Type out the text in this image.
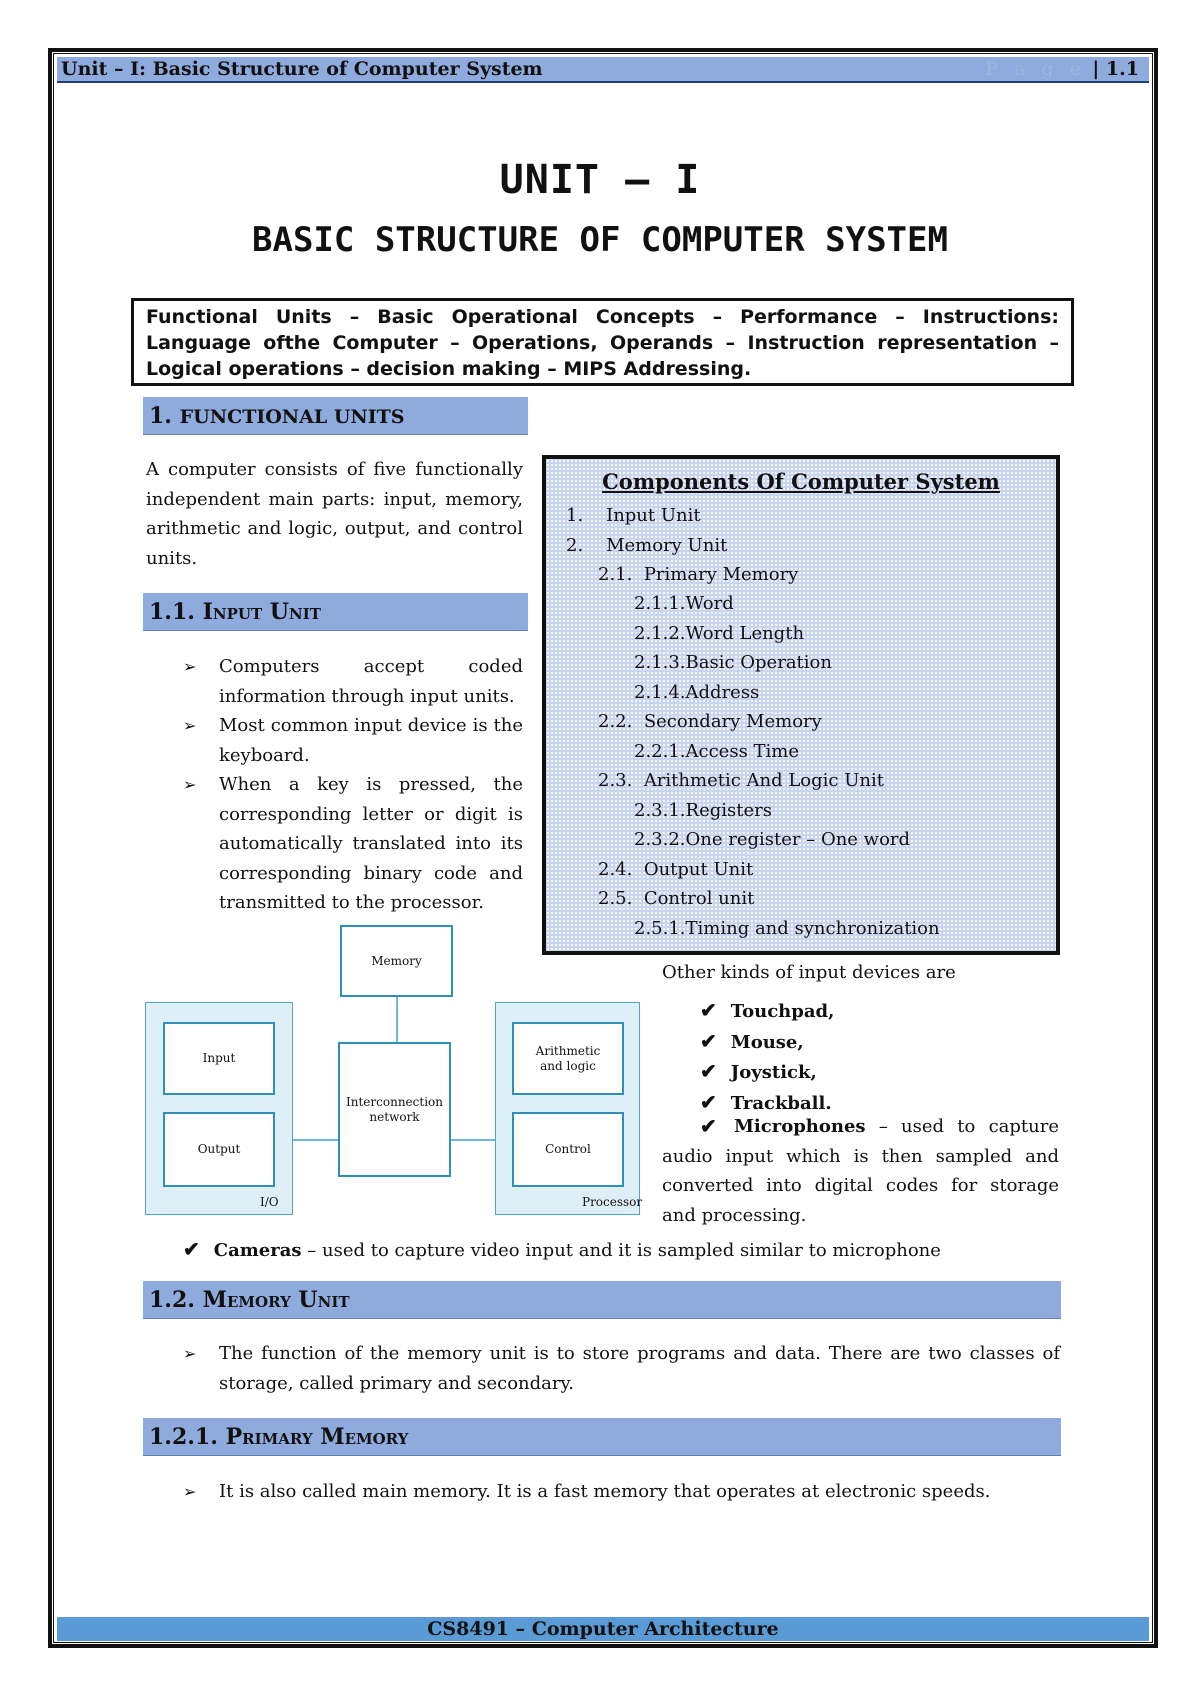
Unit – I: Basic Structure of Computer System	P a g e | 1.1
UNIT – I
BASIC STRUCTURE OF COMPUTER SYSTEM
Functional Units – Basic Operational Concepts – Performance – Instructions: Language ofthe Computer – Operations, Operands – Instruction representation – Logical operations – decision making – MIPS Addressing.
1. FUNCTIONAL UNITS
A computer consists of five functionally independent main parts: input, memory, arithmetic and logic, output, and control units.
1.1. Input Unit
➢ Computers accept coded information through input units.
➢ Most common input device is the keyboard.
➢ When a key is pressed, the corresponding letter or digit is automatically translated into its corresponding binary code and transmitted to the processor.
Components Of Computer System
1. Input Unit
2. Memory Unit
2.1. Primary Memory
2.1.1.Word
2.1.2.Word Length
2.1.3.Basic Operation
2.1.4.Address
2.2. Secondary Memory
2.2.1.Access Time
2.3. Arithmetic And Logic Unit
2.3.1.Registers
2.3.2.One register – One word
2.4. Output Unit
2.5. Control unit
2.5.1.Timing and synchronization
Memory
Input
Output
I/O
Interconnection network
Arithmetic and logic
Control
Processor
Other kinds of input devices are
✔ Touchpad,
✔ Mouse,
✔ Joystick,
✔ Trackball.
✔ Microphones – used to capture audio input which is then sampled and converted into digital codes for storage and processing.
✔ Cameras – used to capture video input and it is sampled similar to microphone
1.2. Memory Unit
➢ The function of the memory unit is to store programs and data. There are two classes of storage, called primary and secondary.
1.2.1. Primary Memory
➢ It is also called main memory. It is a fast memory that operates at electronic speeds.
CS8491 – Computer Architecture
